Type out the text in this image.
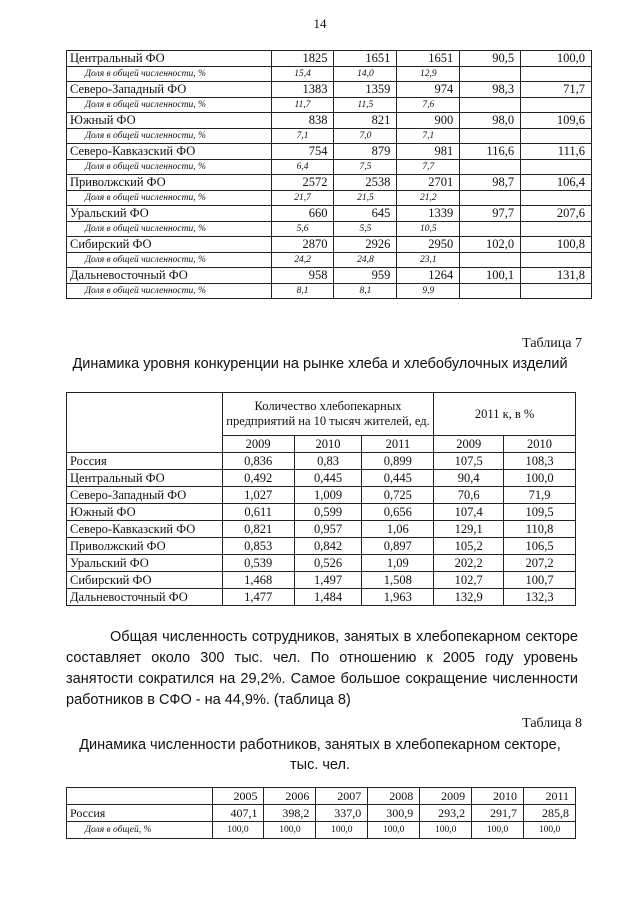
14
Центральный ФО	1825	1651	1651	90,5	100,0
Доля в общей численности, %	15,4	14,0	12,9		
Северо-Западный ФО	1383	1359	974	98,3	71,7
Доля в общей численности, %	11,7	11,5	7,6		
Южный ФО	838	821	900	98,0	109,6
Доля в общей численности, %	7,1	7,0	7,1		
Северо-Кавказский ФО	754	879	981	116,6	111,6
Доля в общей численности, %	6,4	7,5	7,7		
Приволжский ФО	2572	2538	2701	98,7	106,4
Доля в общей численности, %	21,7	21,5	21,2		
Уральский ФО	660	645	1339	97,7	207,6
Доля в общей численности, %	5,6	5,5	10,5		
Сибирский ФО	2870	2926	2950	102,0	100,8
Доля в общей численности, %	24,2	24,8	23,1		
Дальневосточный ФО	958	959	1264	100,1	131,8
Доля в общей численности, %	8,1	8,1	9,9		
Таблица 7
Динамика уровня конкуренции на рынке хлеба и хлебобулочных изделий
	Количество хлебопекарных предприятий на 10 тысяч жителей, ед.			2011 к, в %	
	2009	2010	2011	2009	2010
Россия	0,836	0,83	0,899	107,5	108,3
Центральный ФО	0,492	0,445	0,445	90,4	100,0
Северо-Западный ФО	1,027	1,009	0,725	70,6	71,9
Южный ФО	0,611	0,599	0,656	107,4	109,5
Северо-Кавказский ФО	0,821	0,957	1,06	129,1	110,8
Приволжский ФО	0,853	0,842	0,897	105,2	106,5
Уральский ФО	0,539	0,526	1,09	202,2	207,2
Сибирский ФО	1,468	1,497	1,508	102,7	100,7
Дальневосточный ФО	1,477	1,484	1,963	132,9	132,3
Общая численность сотрудников, занятых в хлебопекарном секторе составляет около 300 тыс. чел. По отношению к 2005 году уровень занятости сократился на 29,2%. Самое большое сокращение численности работников в СФО - на 44,9%. (таблица 8)
Таблица 8
Динамика численности работников, занятых в хлебопекарном секторе,
тыс. чел.
	2005	2006	2007	2008	2009	2010	2011
Россия	407,1	398,2	337,0	300,9	293,2	291,7	285,8
Доля в общей, %	100,0	100,0	100,0	100,0	100,0	100,0	100,0
